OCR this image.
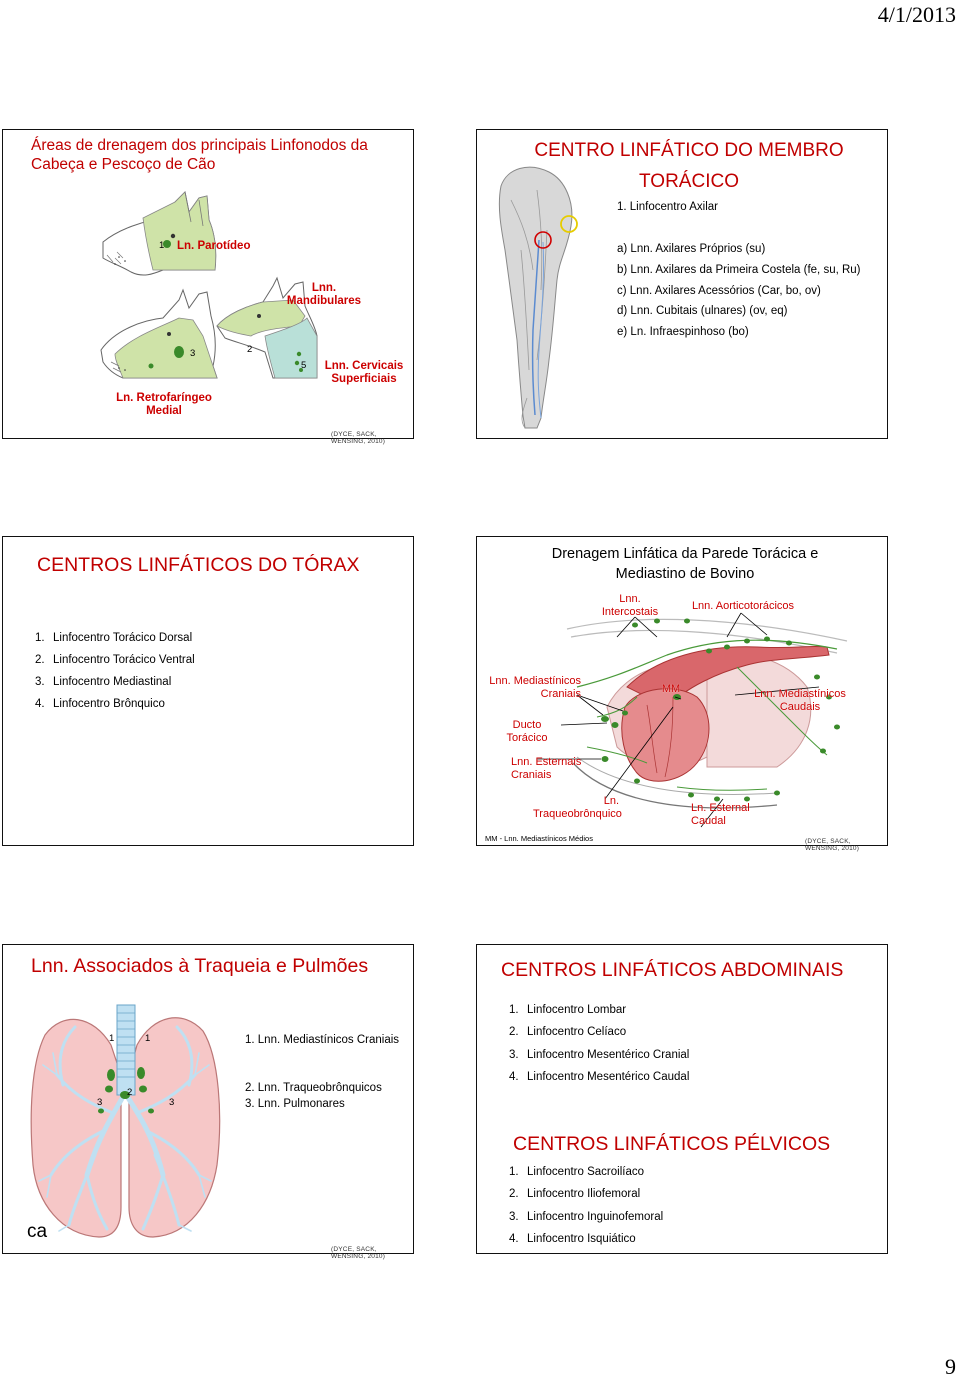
4/1/2013
9
Áreas de drenagem dos principais Linfonodos da Cabeça e Pescoço de Cão
1 Ln. Parotídeo
Lnn.
Mandibulares
2
3
5	Lnn. Cervicais
Superficiais
Ln. Retrofaríngeo
Medial
(DYCE, SACK, WENSING, 2010)
CENTRO LINFÁTICO DO MEMBRO
TORÁCICO
1. Linfocentro Axilar
a) Lnn. Axilares Próprios (su)
b) Lnn. Axilares da Primeira Costela (fe, su, Ru)
c) Lnn. Axilares Acessórios (Car, bo, ov)
d) Lnn. Cubitais (ulnares) (ov, eq)
e) Ln. Infraespinhoso (bo)
CENTROS LINFÁTICOS DO TÓRAX
1. Linfocentro Torácico Dorsal
2. Linfocentro Torácico Ventral
3. Linfocentro Mediastinal
4. Linfocentro Brônquico
Drenagem Linfática da Parede Torácica e
Mediastino de Bovino
Lnn.
Intercostais	Lnn. Aorticotorácicos
Lnn. Mediastínicos
Craniais	MM	Lnn. Mediastínicos Caudais
Ducto Torácico
Lnn. Esternais
Craniais
Ln.
Traqueobrônquico	Ln. Esternal
Caudal
MM - Lnn. Mediastínicos Médios	(DYCE, SACK, WENSING, 2010)
Lnn. Associados à Traqueia e Pulmões
1	1
2
3	3
1. Lnn. Mediastínicos Craniais
2. Lnn. Traqueobrônquicos
3. Lnn. Pulmonares
ca
(DYCE, SACK, WENSING, 2010)
CENTROS LINFÁTICOS ABDOMINAIS
1. Linfocentro Lombar
2. Linfocentro Celíaco
3. Linfocentro Mesentérico Cranial
4. Linfocentro Mesentérico Caudal
CENTROS LINFÁTICOS PÉLVICOS
1. Linfocentro Sacroilíaco
2. Linfocentro Iliofemoral
3. Linfocentro Inguinofemoral
4. Linfocentro Isquiático
